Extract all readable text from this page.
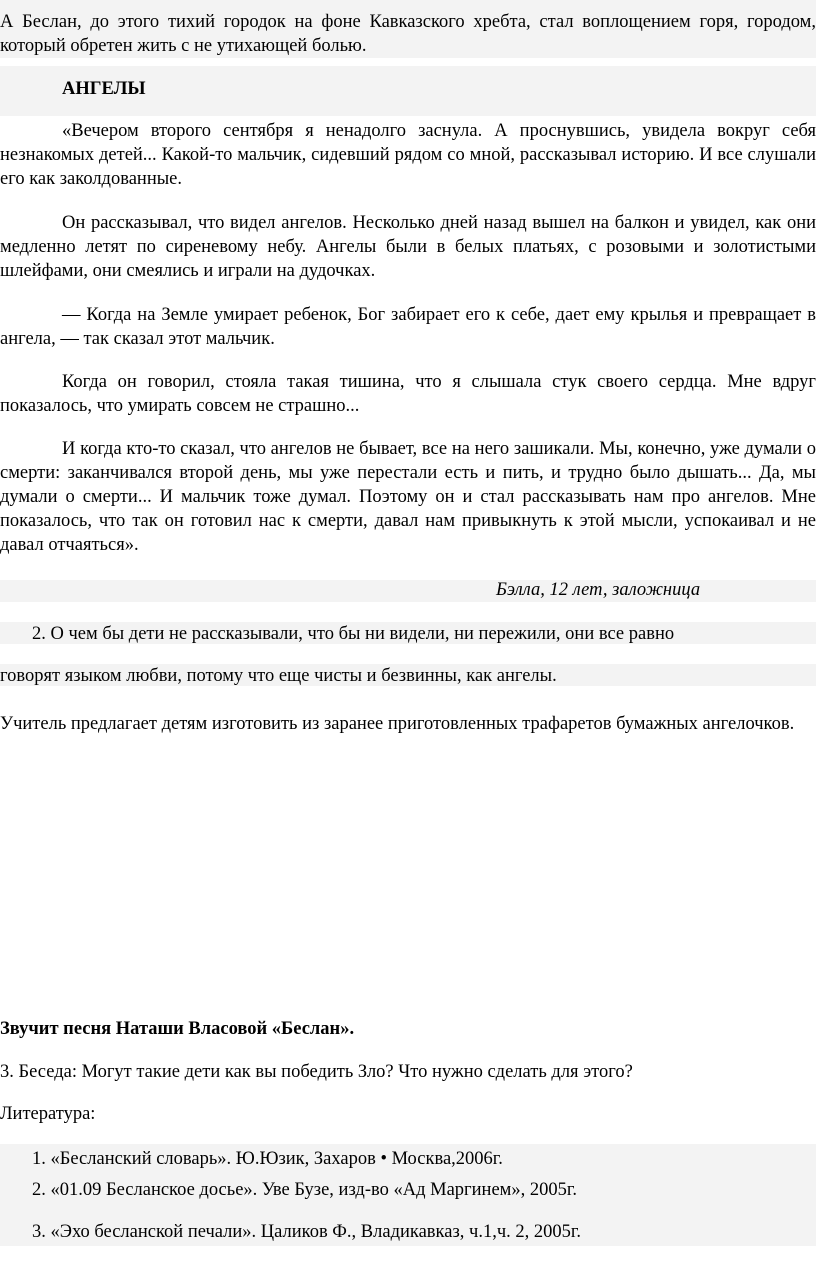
А Беслан, до этого тихий городок на фоне Кавказского хребта, стал воплощением горя, городом, который обретен жить с не утихающей болью.

АНГЕЛЫ

«Вечером второго сентября я ненадолго заснула. А проснувшись, увидела вокруг себя незнакомых детей... Какой-то мальчик, сидевший рядом со мной, рассказывал историю. И все слушали его как заколдованные.

Он рассказывал, что видел ангелов. Несколько дней назад вышел на балкон и увидел, как они медленно летят по сиреневому небу. Ангелы были в белых платьях, с розовыми и золотистыми шлейфами, они смеялись и играли на дудочках.

— Когда на Земле умирает ребенок, Бог забирает его к себе, дает ему крылья и превращает в ангела, — так сказал этот мальчик.

Когда он говорил, стояла такая тишина, что я слышала стук своего сердца. Мне вдруг показалось, что умирать совсем не страшно...

И когда кто-то сказал, что ангелов не бывает, все на него зашикали. Мы, конечно, уже думали о смерти: заканчивался второй день, мы уже перестали есть и пить, и трудно было дышать... Да, мы думали о смерти... И мальчик тоже думал. Поэтому он и стал рассказывать нам про ангелов. Мне показалось, что так он готовил нас к смерти, давал нам привыкнуть к этой мысли, успокаивал и не давал отчаяться».

Бэлла, 12 лет, заложница

2. О чем бы дети не рассказывали, что бы ни видели, ни пережили, они все равно

говорят языком любви, потому что еще чисты и безвинны, как ангелы.

Учитель предлагает детям изготовить из заранее приготовленных трафаретов бумажных ангелочков.

Звучит песня Наташи Власовой «Беслан».

3. Беседа: Могут такие дети как вы победить Зло? Что нужно сделать для этого?

Литература:

1. «Бесланский словарь». Ю.Юзик, Захаров • Москва,2006г.

2. «01.09 Бесланское досье». Уве Бузе, изд-во «Ад Маргинем», 2005г.

3. «Эхо бесланской печали». Цаликов Ф., Владикавказ, ч.1,ч. 2, 2005г.
